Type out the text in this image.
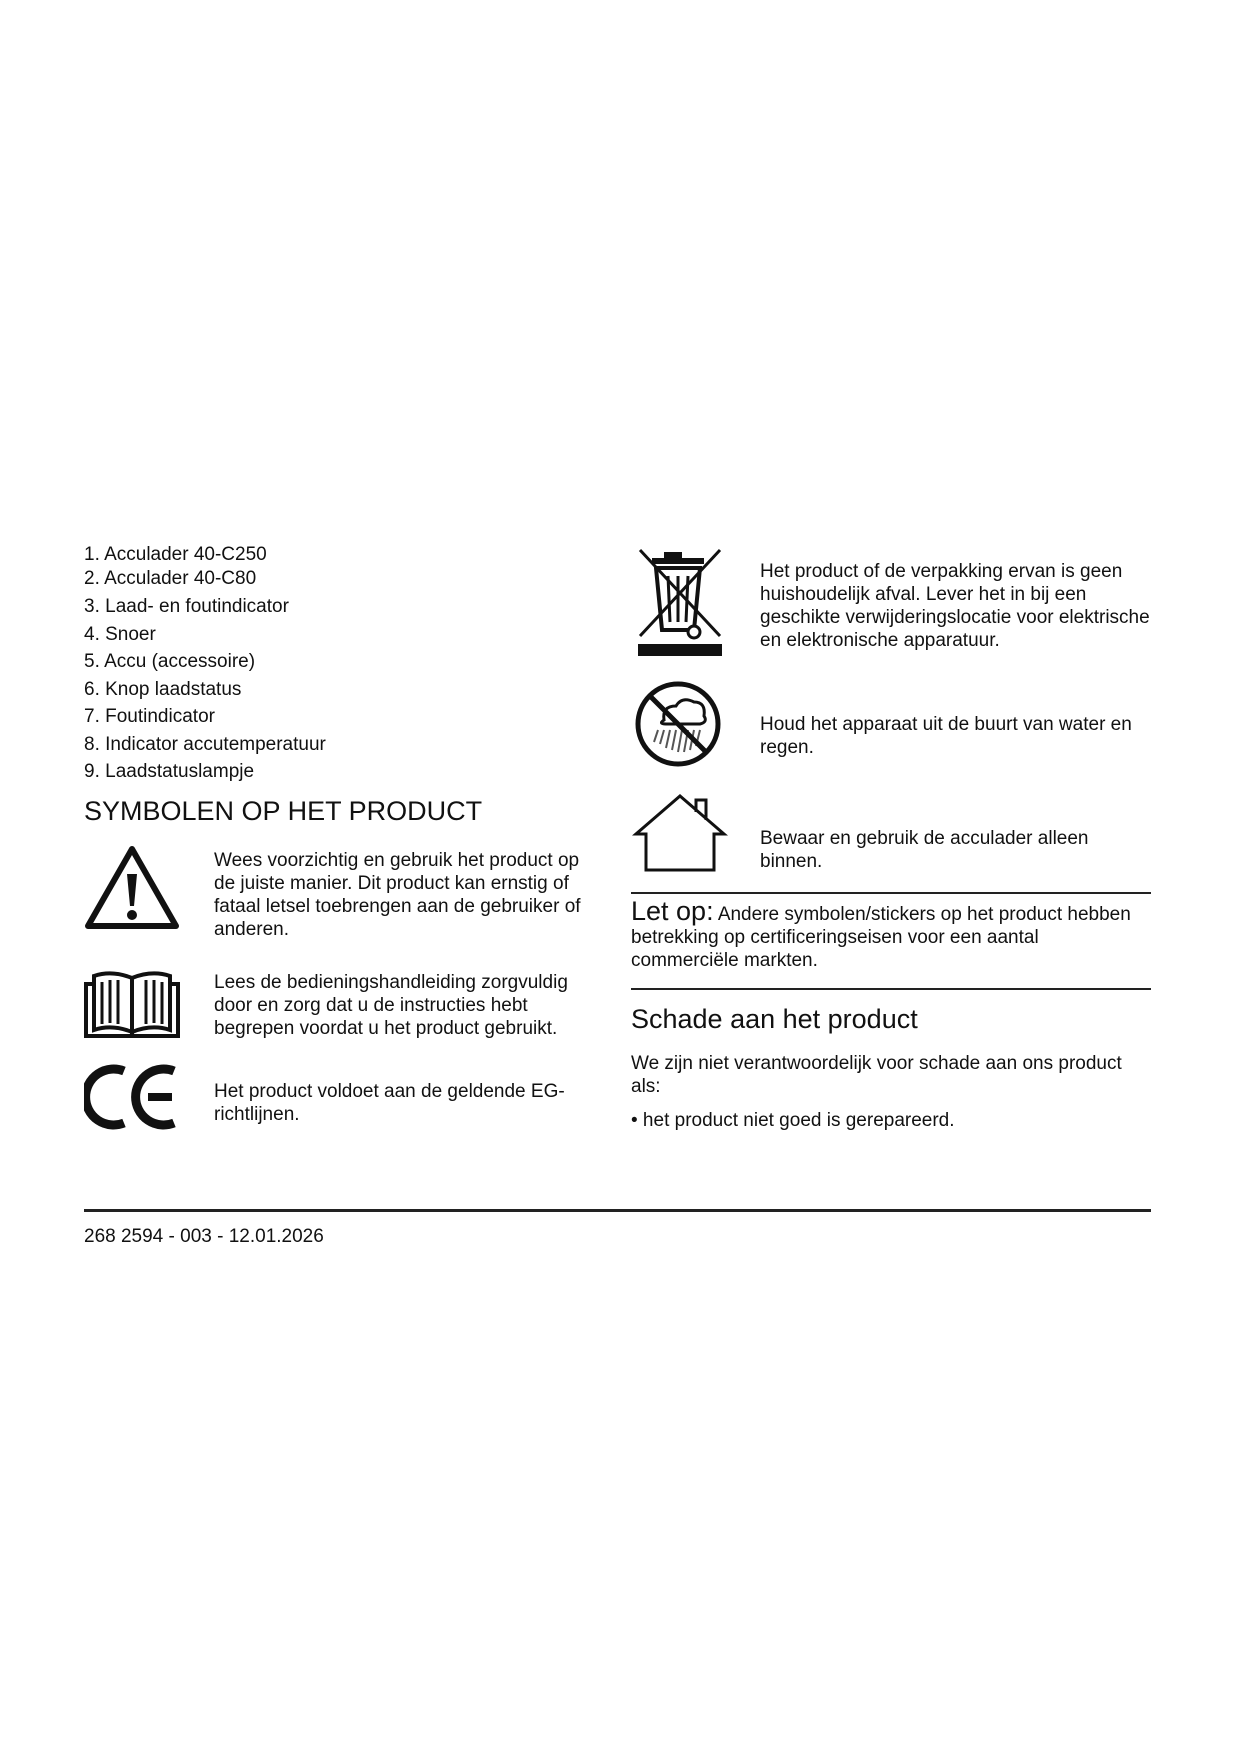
1. Acculader 40-C250
2. Acculader 40-C80
3. Laad- en foutindicator
4. Snoer
5. Accu (accessoire)
6. Knop laadstatus
7. Foutindicator
8. Indicator accutemperatuur
9. Laadstatuslampje
SYMBOLEN OP HET PRODUCT
Wees voorzichtig en gebruik het product op de juiste manier. Dit product kan ernstig of fataal letsel toebrengen aan de gebruiker of anderen.
Lees de bedieningshandleiding zorgvuldig door en zorg dat u de instructies hebt begrepen voordat u het product gebruikt.
Het product voldoet aan de geldende EG-richtlijnen.
Het product of de verpakking ervan is geen huishoudelijk afval. Lever het in bij een geschikte verwijderingslocatie voor elektrische en elektronische apparatuur.
Houd het apparaat uit de buurt van water en regen.
Bewaar en gebruik de acculader alleen binnen.
Let op: Andere symbolen/stickers op het product hebben betrekking op certificeringseisen voor een aantal commerciële markten.
Schade aan het product
We zijn niet verantwoordelijk voor schade aan ons product als:
• het product niet goed is gerepareerd.
268 2594 - 003 - 12.01.2026
